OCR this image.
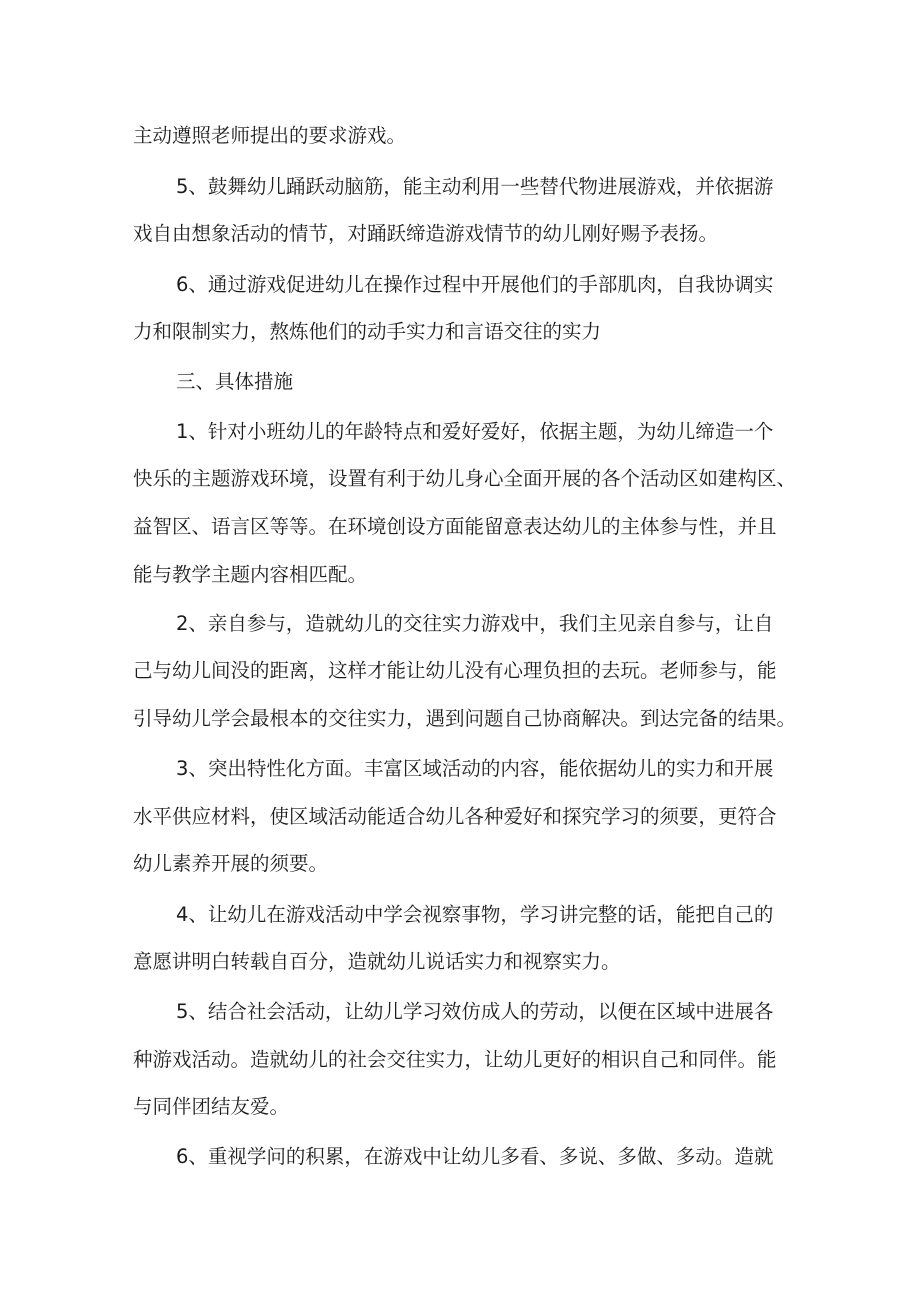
主动遵照老师提出的要求游戏。
5、鼓舞幼儿踊跃动脑筋，能主动利用一些替代物进展游戏，并依据游
戏自由想象活动的情节，对踊跃缔造游戏情节的幼儿刚好赐予表扬。
6、通过游戏促进幼儿在操作过程中开展他们的手部肌肉，自我协调实
力和限制实力，熬炼他们的动手实力和言语交往的实力
三、具体措施
1、针对小班幼儿的年龄特点和爱好爱好，依据主题，为幼儿缔造一个
快乐的主题游戏环境，设置有利于幼儿身心全面开展的各个活动区如建构区、
益智区、语言区等等。在环境创设方面能留意表达幼儿的主体参与性，并且
能与教学主题内容相匹配。
2、亲自参与，造就幼儿的交往实力游戏中，我们主见亲自参与，让自
己与幼儿间没的距离，这样才能让幼儿没有心理负担的去玩。老师参与，能
引导幼儿学会最根本的交往实力，遇到问题自己协商解决。到达完备的结果。
3、突出特性化方面。丰富区域活动的内容，能依据幼儿的实力和开展
水平供应材料，使区域活动能适合幼儿各种爱好和探究学习的须要，更符合
幼儿素养开展的须要。
4、让幼儿在游戏活动中学会视察事物，学习讲完整的话，能把自己的
意愿讲明白转载自百分，造就幼儿说话实力和视察实力。
5、结合社会活动，让幼儿学习效仿成人的劳动，以便在区域中进展各
种游戏活动。造就幼儿的社会交往实力，让幼儿更好的相识自己和同伴。能
与同伴团结友爱。
6、重视学问的积累，在游戏中让幼儿多看、多说、多做、多动。造就
